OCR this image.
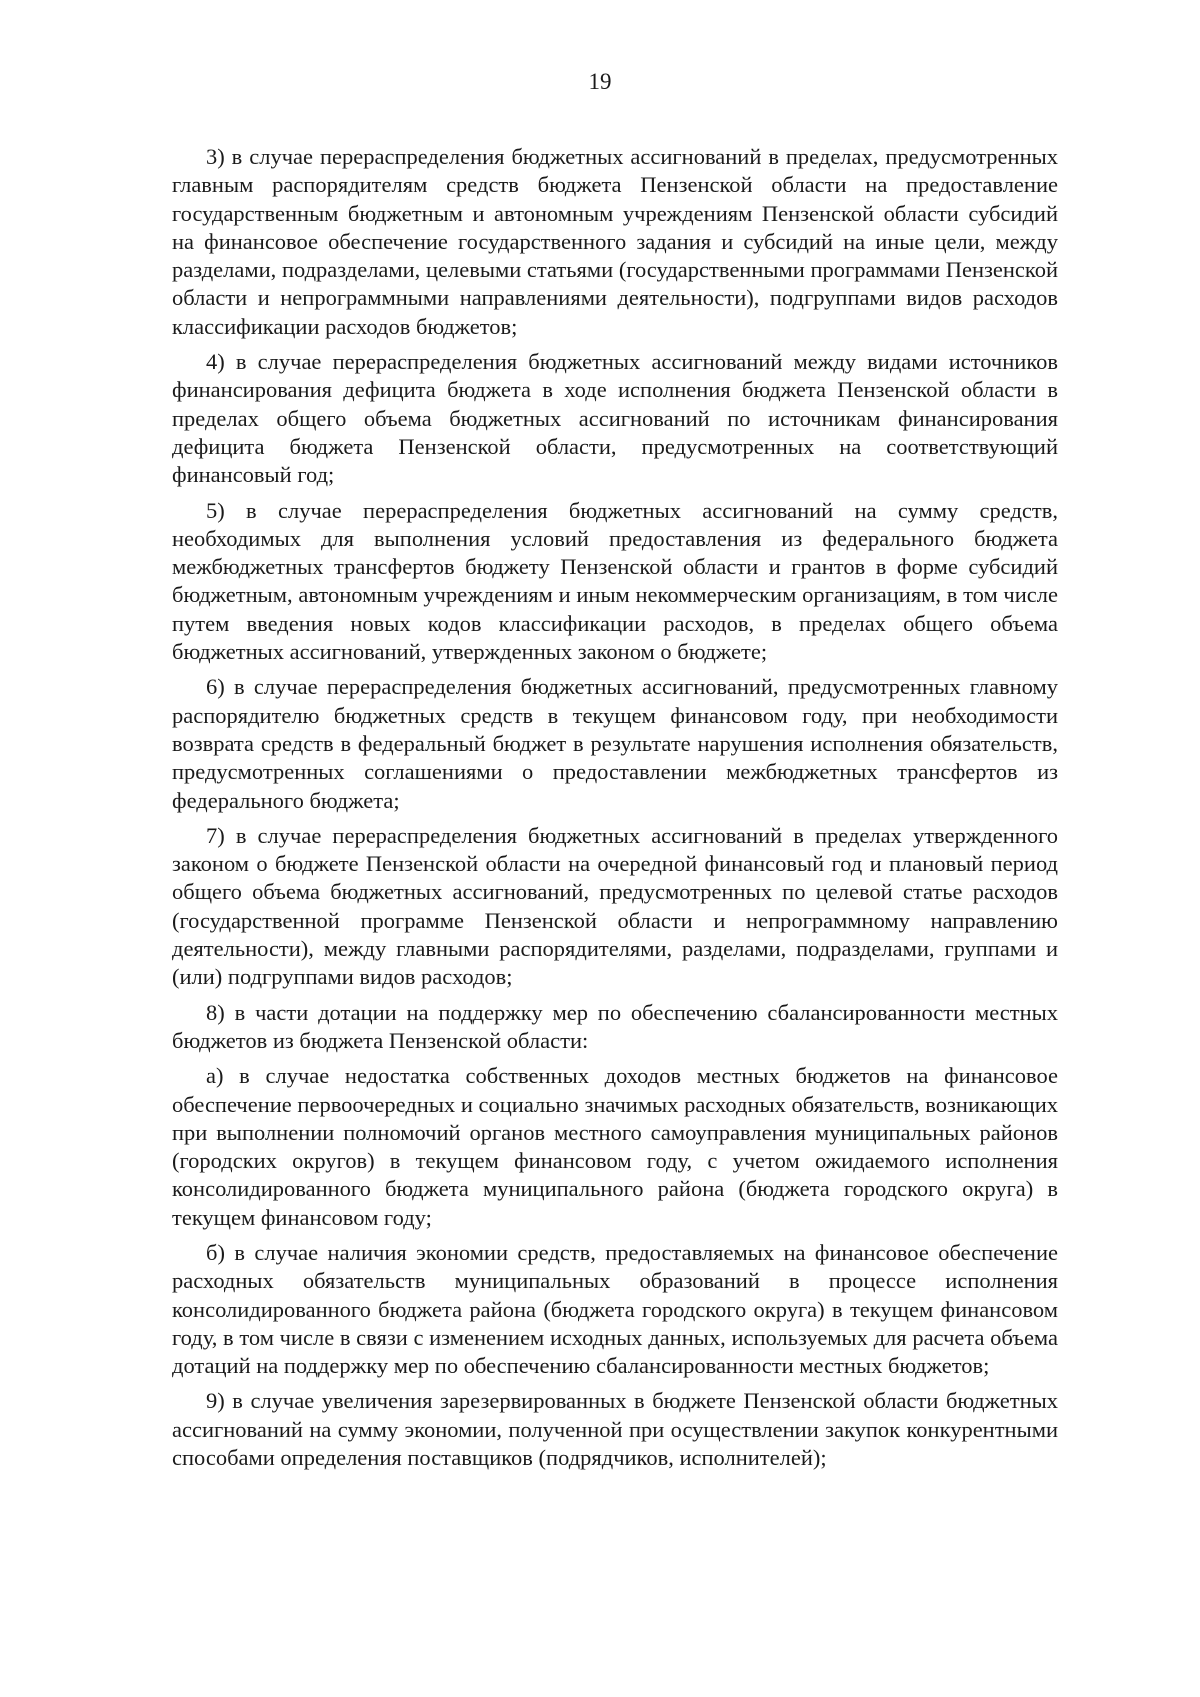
19

3) в случае перераспределения бюджетных ассигнований в пределах, предусмотренных главным распорядителям средств бюджета Пензенской области на предоставление государственным бюджетным и автономным учреждениям Пензенской области субсидий на финансовое обеспечение государственного задания и субсидий на иные цели, между разделами, подразделами, целевыми статьями (государственными программами Пензенской области и непрограммными направлениями деятельности), подгруппами видов расходов классификации расходов бюджетов;

4) в случае перераспределения бюджетных ассигнований между видами источников финансирования дефицита бюджета в ходе исполнения бюджета Пензенской области в пределах общего объема бюджетных ассигнований по источникам финансирования дефицита бюджета Пензенской области, предусмотренных на соответствующий финансовый год;

5) в случае перераспределения бюджетных ассигнований на сумму средств, необходимых для выполнения условий предоставления из федерального бюджета межбюджетных трансфертов бюджету Пензенской области и грантов в форме субсидий бюджетным, автономным учреждениям и иным некоммерческим организациям, в том числе путем введения новых кодов классификации расходов, в пределах общего объема бюджетных ассигнований, утвержденных законом о бюджете;

6) в случае перераспределения бюджетных ассигнований, предусмотренных главному распорядителю бюджетных средств в текущем финансовом году, при необходимости возврата средств в федеральный бюджет в результате нарушения исполнения обязательств, предусмотренных соглашениями о предоставлении межбюджетных трансфертов из федерального бюджета;

7) в случае перераспределения бюджетных ассигнований в пределах утвержденного законом о бюджете Пензенской области на очередной финансовый год и плановый период общего объема бюджетных ассигнований, предусмотренных по целевой статье расходов (государственной программе Пензенской области и непрограммному направлению деятельности), между главными распорядителями, разделами, подразделами, группами и (или) подгруппами видов расходов;

8) в части дотации на поддержку мер по обеспечению сбалансированности местных бюджетов из бюджета Пензенской области:

а) в случае недостатка собственных доходов местных бюджетов на финансовое обеспечение первоочередных и социально значимых расходных обязательств, возникающих при выполнении полномочий органов местного самоуправления муниципальных районов (городских округов) в текущем финансовом году, с учетом ожидаемого исполнения консолидированного бюджета муниципального района (бюджета городского округа) в текущем финансовом году;

б) в случае наличия экономии средств, предоставляемых на финансовое обеспечение расходных обязательств муниципальных образований в процессе исполнения консолидированного бюджета района (бюджета городского округа) в текущем финансовом году, в том числе в связи с изменением исходных данных, используемых для расчета объема дотаций на поддержку мер по обеспечению сбалансированности местных бюджетов;

9) в случае увеличения зарезервированных в бюджете Пензенской области бюджетных ассигнований на сумму экономии, полученной при осуществлении закупок конкурентными способами определения поставщиков (подрядчиков, исполнителей);
